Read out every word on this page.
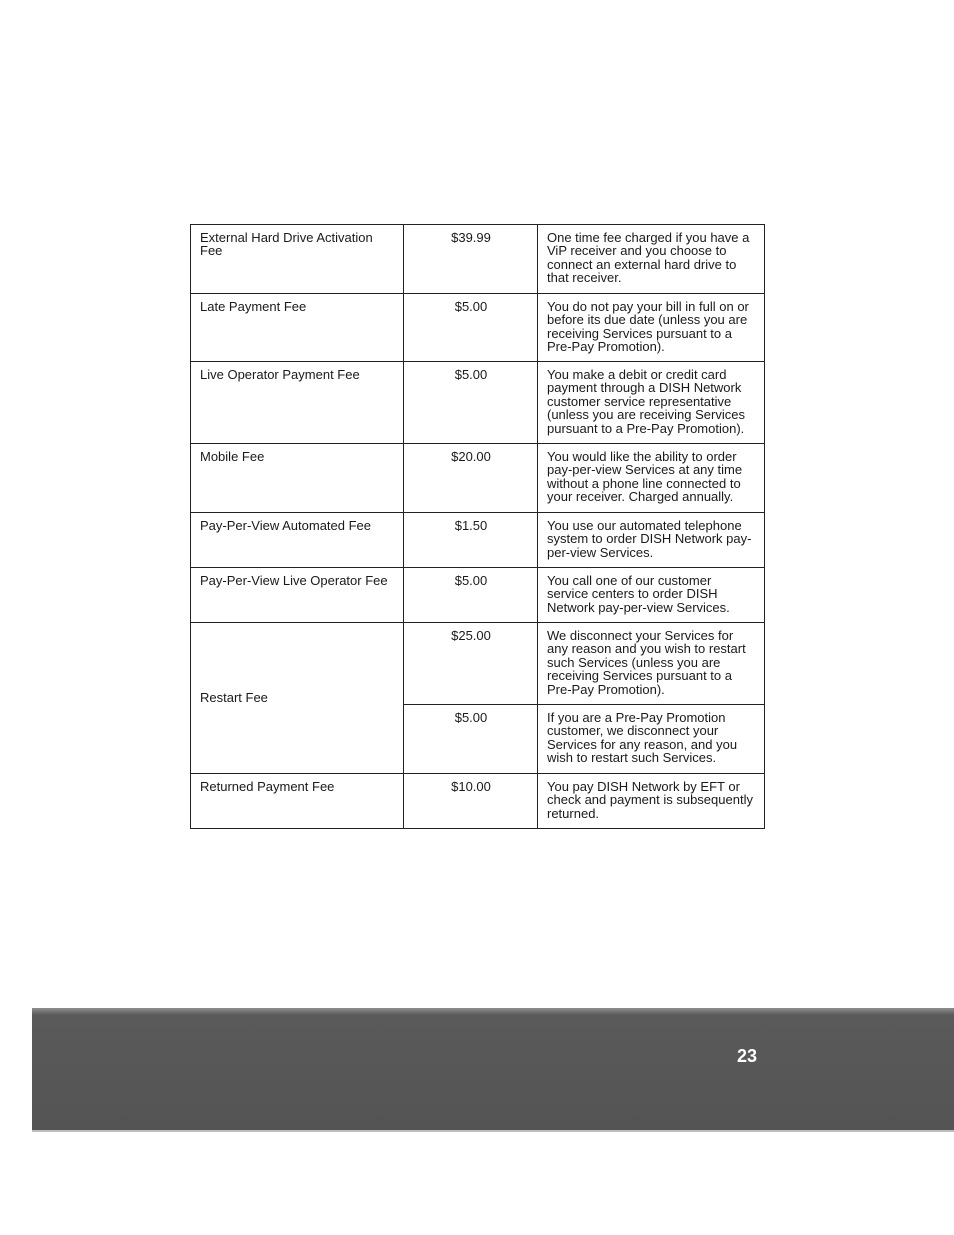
External Hard Drive Activation Fee	$39.99	One time fee charged if you have a ViP receiver and you choose to connect an external hard drive to that receiver.
Late Payment Fee	$5.00	You do not pay your bill in full on or before its due date (unless you are receiving Services pursuant to a Pre-Pay Promotion).
Live Operator Payment Fee	$5.00	You make a debit or credit card payment through a DISH Network customer service representative (unless you are receiving Services pursuant to a Pre-Pay Promotion).
Mobile Fee	$20.00	You would like the ability to order pay-per-view Services at any time without a phone line connected to your receiver. Charged annually.
Pay-Per-View Automated Fee	$1.50	You use our automated telephone system to order DISH Network pay-per-view Services.
Pay-Per-View Live Operator Fee	$5.00	You call one of our customer service centers to order DISH Network pay-per-view Services.
Restart Fee	$25.00	We disconnect your Services for any reason and you wish to restart such Services (unless you are receiving Services pursuant to a Pre-Pay Promotion).
	$5.00	If you are a Pre-Pay Promotion customer, we disconnect your Services for any reason, and you wish to restart such Services.
Returned Payment Fee	$10.00	You pay DISH Network by EFT or check and payment is subsequently returned.
23
